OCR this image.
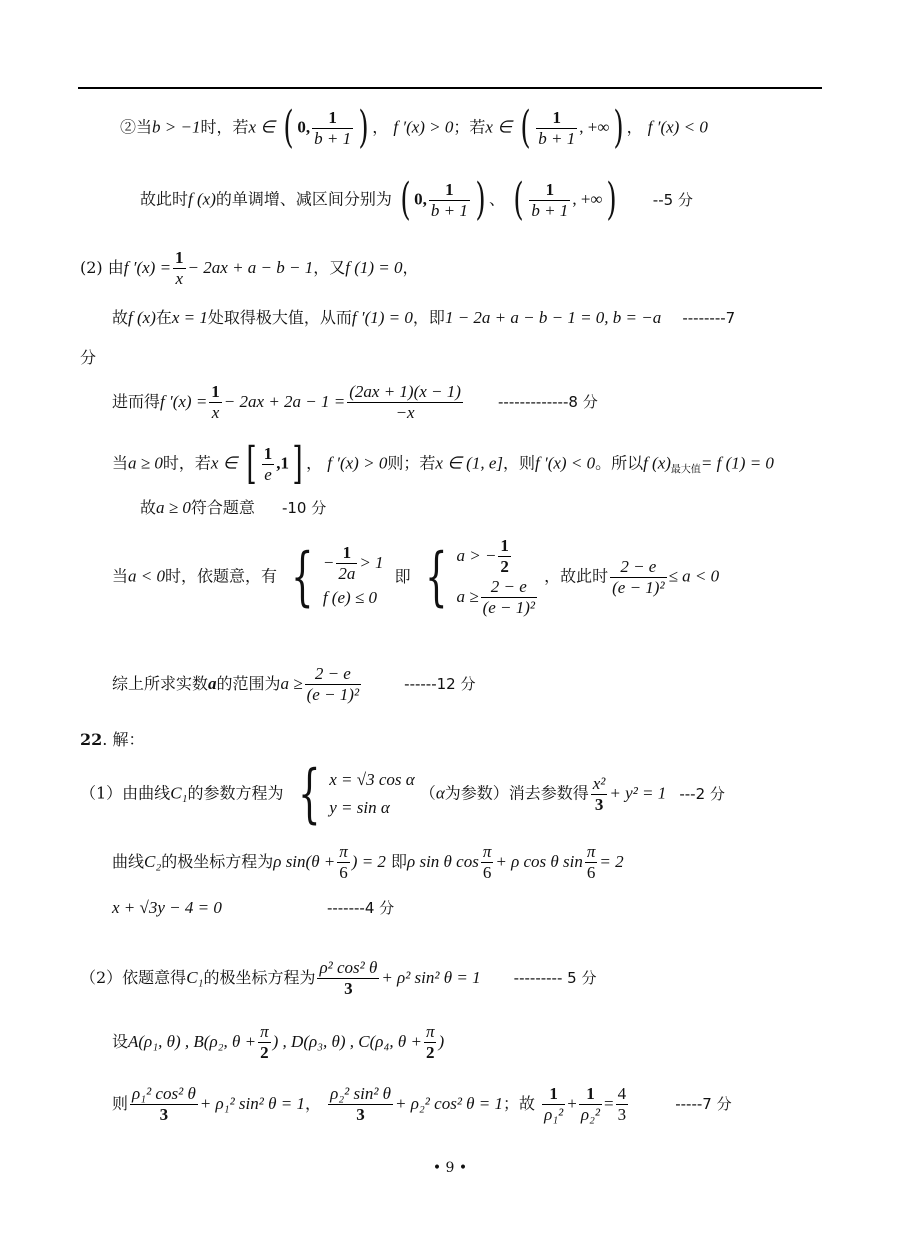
②当b > −1时，若x ∈ ( 0, $\frac{1}{b + 1}$ ) ， f ′(x) > 0；若x ∈ ( $\frac{1}{b + 1}$ , +∞) ， f ′(x) < 0
故此时f (x)的单调增、减区间分别为 ( 0, $\frac{1}{b + 1}$ ) 、 ( $\frac{1}{b + 1}$ , +∞) --5 分
(2) 由f $'(x) = \frac{1}{x} - 2ax + a - b - 1$，又f (1) = 0，
故f (x)在x = 1处取得极大值，从而f ′(1) = 0，即1 − 2a + a − b − 1 = 0, b = −a --------7
分
进而得f $'(x) = \frac{1}{x} - 2ax + 2a - 1 = \frac{(2ax + 1)(x - 1)}{-x} -------------8$ 分
当a ≥ 0时，若x ∈ [ $\frac{1}{e} ,1$] ， f ′(x) > 0则；若x ∈ (1, e]，则f ′(x) < 0。所以f $(x)_{最大值}= f$ (1) = 0
故a ≥ 0符合题意 -10 分
当a < 0时，依题意，有 { − $\frac{1}{2a} > 1$
f (e) ≤ 0
即 { a > − $\frac{1}{2}$
$a \ge \frac{2 - e}{\text{(e − 1)²}}$
，故此时 $\frac{2 - e}{\text{(e − 1)²}} \le a < 0$
综上所求实数a的范围为$a \ge \frac{2 - e}{\text{(e − 1)²}}$	------12 分
22. 解：
（1）由曲线C₁的参数方程为 { x = √3 cos α
y = sin α
（α为参数）消去参数得 $\frac{\text{x²}}{3} + y^2 = 1$ ---2 分
曲线C₂的极坐标方程为ρ $\sin(\theta + \frac{\pi}{6}$ ) = 2 即ρ sin θ $\cos \frac{\pi}{6} + \rho$ cos θ $\sin \frac{\pi}{6} = 2$
x + √3y − 4 = 0	-------4 分
（2）依题意得C₁的极坐标方程为 $\frac{\text{ρ² cos² θ}}{3} + \rho^2$ sin² θ = 1 --------- 5 分
设A(ρ₁, θ) , B(ρ₂, $\theta + \frac{\pi}{2}$ ) , D(ρ₃, θ) , C(ρ₄, $\theta + \frac{\pi}{2}$ )
则 $\frac{\text{ρ₁² cos² θ}}{3} + \rho_1^2$ sin² θ = 1， $\frac{\text{ρ₂² sin² θ}}{3} + \rho_2^2$ cos² θ = 1；故 $\frac{1}{\text{ρ₁²}} + \frac{1}{\text{ρ₂²}} = \frac{4}{3}$	-----7 分
• 9 •
